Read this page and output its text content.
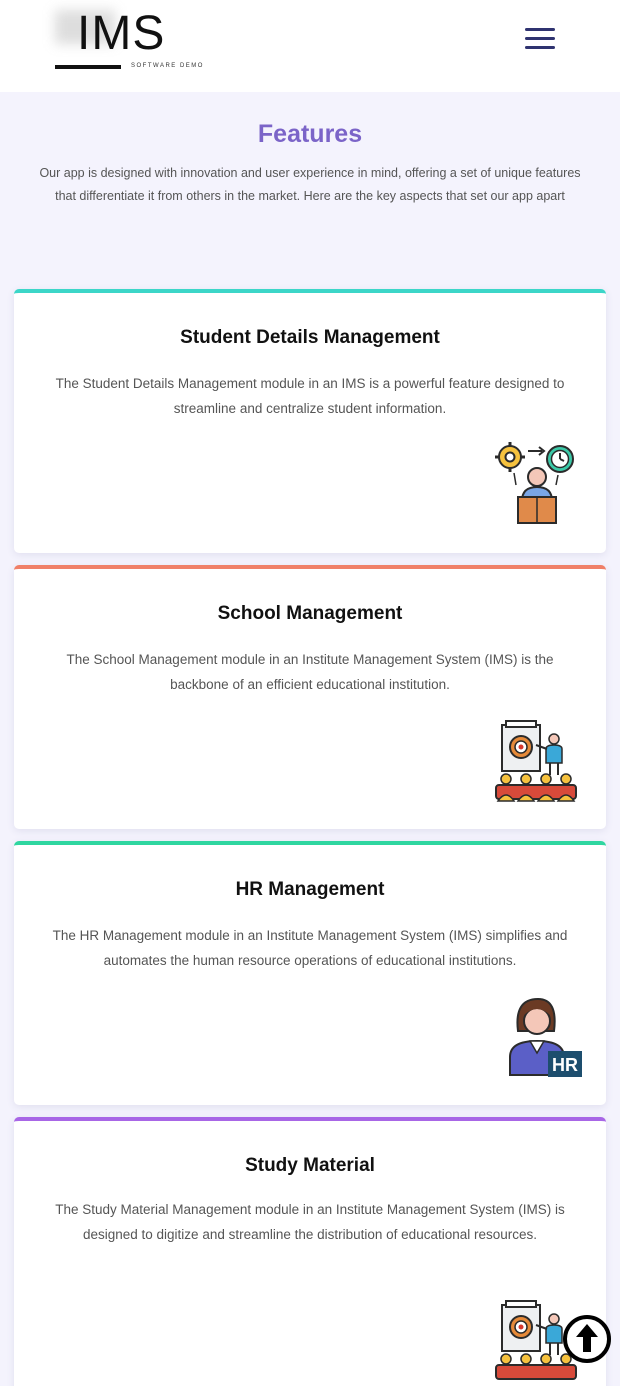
IMS
SOFTWARE DEMO
Features
Our app is designed with innovation and user experience in mind, offering a set of unique features that differentiate it from others in the market. Here are the key aspects that set our app apart
Student Details Management
The Student Details Management module in an IMS is a powerful feature designed to streamline and centralize student information.
School Management
The School Management module in an Institute Management System (IMS) is the backbone of an efficient educational institution.
HR Management
The HR Management module in an Institute Management System (IMS) simplifies and automates the human resource operations of educational institutions.
HR
Study Material
The Study Material Management module in an Institute Management System (IMS) is designed to digitize and streamline the distribution of educational resources.
